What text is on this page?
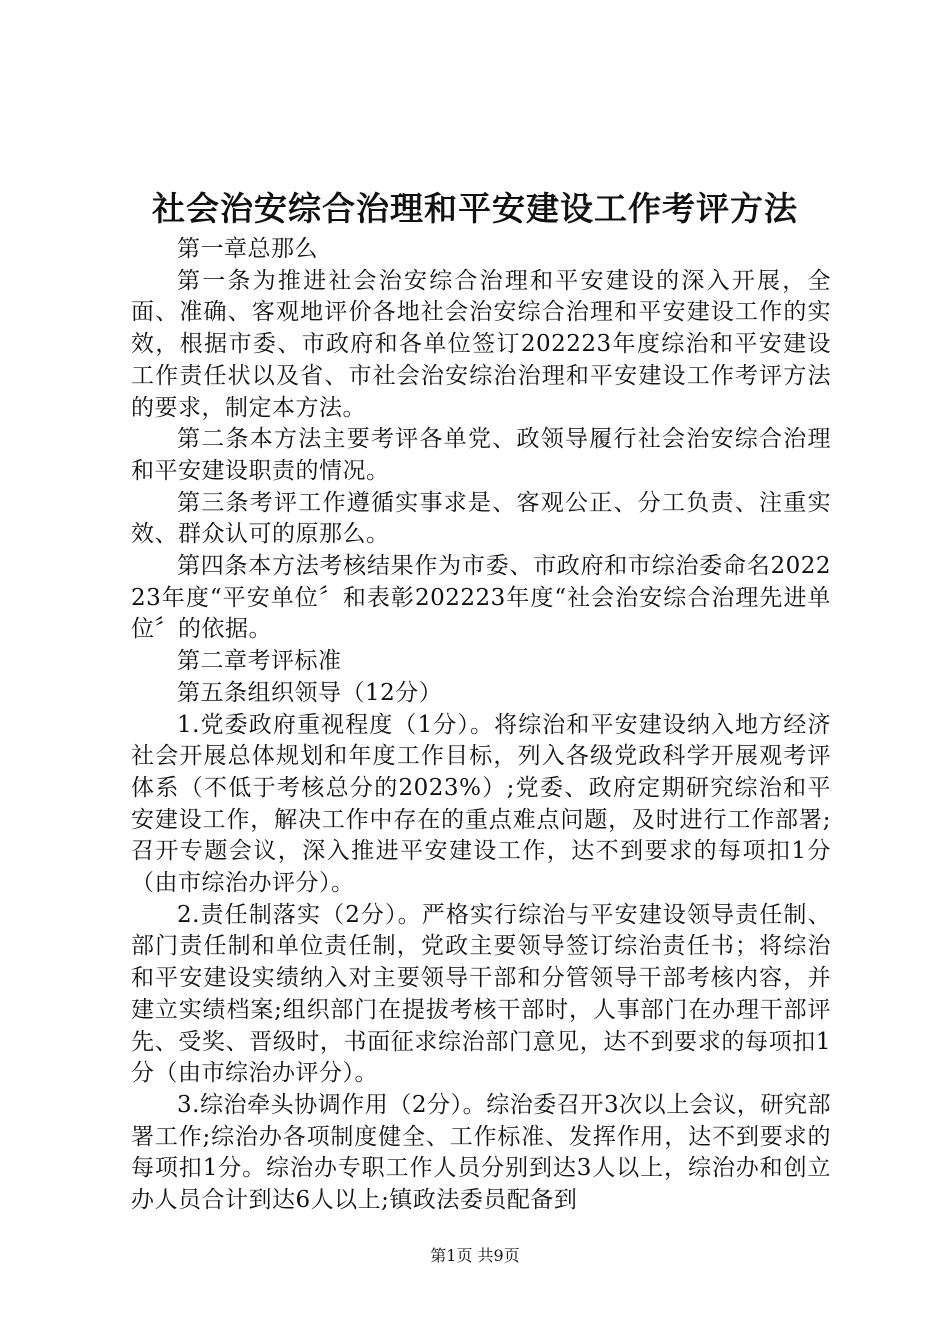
社会治安综合治理和平安建设工作考评方法

第一章总那么

第一条为推进社会治安综合治理和平安建设的深入开展，全面、准确、客观地评价各地社会治安综合治理和平安建设工作的实效，根据市委、市政府和各单位签订202223年度综治和平安建设工作责任状以及省、市社会治安综治治理和平安建设工作考评方法的要求，制定本方法。

第二条本方法主要考评各单党、政领导履行社会治安综合治理和平安建设职责的情况。

第三条考评工作遵循实事求是、客观公正、分工负责、注重实效、群众认可的原那么。

第四条本方法考核结果作为市委、市政府和市综治委命名202223年度“平安单位〞和表彰202223年度“社会治安综合治理先进单位〞的依据。

第二章考评标准

第五条组织领导（12分）

1.党委政府重视程度（1分）。将综治和平安建设纳入地方经济社会开展总体规划和年度工作目标，列入各级党政科学开展观考评体系（不低于考核总分的2023%）;党委、政府定期研究综治和平安建设工作，解决工作中存在的重点难点问题，及时进行工作部署;召开专题会议，深入推进平安建设工作，达不到要求的每项扣1分（由市综治办评分）。

2.责任制落实（2分）。严格实行综治与平安建设领导责任制、部门责任制和单位责任制，党政主要领导签订综治责任书；将综治和平安建设实绩纳入对主要领导干部和分管领导干部考核内容，并建立实绩档案;组织部门在提拔考核干部时，人事部门在办理干部评先、受奖、晋级时，书面征求综治部门意见，达不到要求的每项扣1分（由市综治办评分）。

3.综治牵头协调作用（2分）。综治委召开3次以上会议，研究部署工作;综治办各项制度健全、工作标准、发挥作用，达不到要求的每项扣1分。综治办专职工作人员分别到达3人以上，综治办和创立办人员合计到达6人以上;镇政法委员配备到

第1页 共9页
